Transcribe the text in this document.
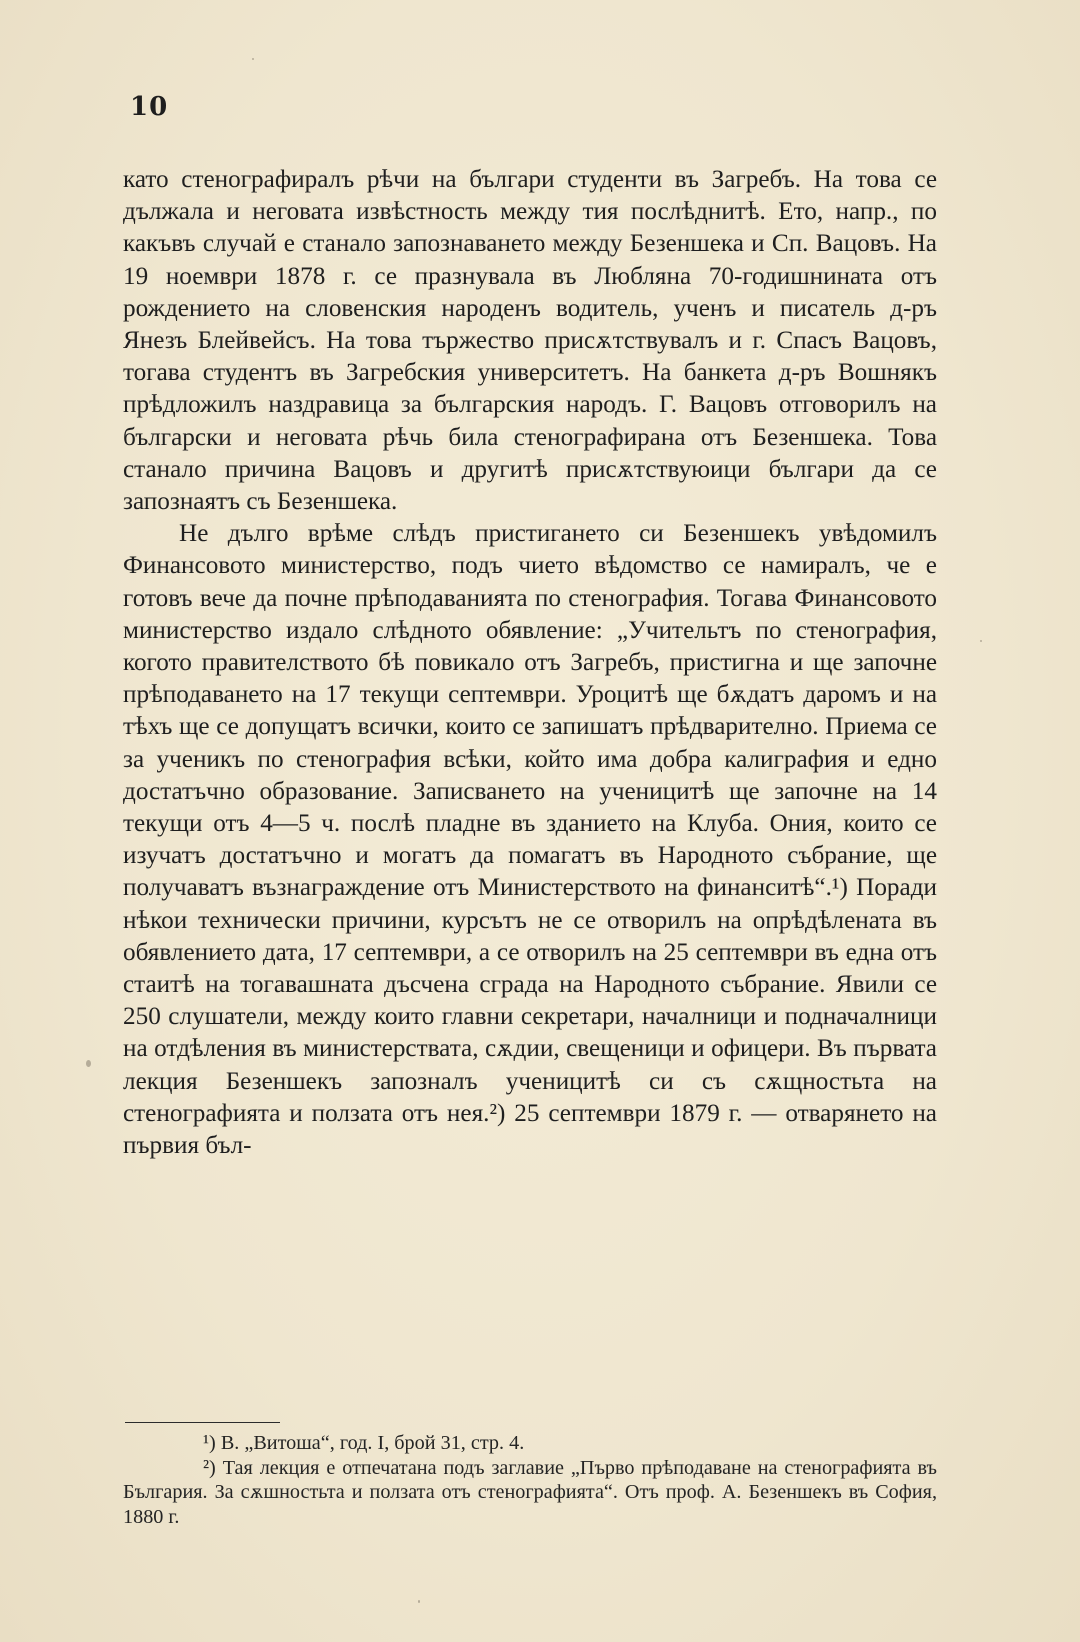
10

като стенографиралъ рѣчи на българи студенти въ Загребъ. На това се дължала и неговата извѣстность между тия послѣднитѣ. Ето, напр., по какъвъ случай е станало запознаването между Безеншека и Сп. Вацовъ. На 19 ноември 1878 г. се празнувала въ Любляна 70-годишнината отъ рождението на словенския народенъ водитель, ученъ и писатель д-ръ Янезъ Блейвейсъ. На това тържество присѫтствувалъ и г. Спасъ Вацовъ, тогава студентъ въ Загребския университетъ. На банкета д-ръ Вошнякъ прѣдложилъ наздравица за българския народъ. Г. Вацовъ отговорилъ на български и неговата рѣчь била стенографирана отъ Безеншека. Това станало причина Вацовъ и другитѣ присѫтствуюици българи да се запознаятъ съ Безеншека.

Не дълго врѣме слѣдъ пристигането си Безеншекъ увѣдомилъ Финансовото министерство, подъ чието вѣдомство се намиралъ, че е готовъ вече да почне прѣподаванията по стенография. Тогава Финансовото министерство издало слѣдното обявление: „Учительтъ по стенография, когото правителството бѣ повикало отъ Загребъ, пристигна и ще започне прѣподаването на 17 текущи септември. Уроцитѣ ще бѫдатъ даромъ и на тѣхъ ще се допущатъ всички, които се запишатъ прѣдварително. Приема се за ученикъ по стенография всѣки, който има добра калиграфия и едно достатъчно образование. Записването на ученицитѣ ще започне на 14 текущи отъ 4—5 ч. послѣ пладне въ зданието на Клуба. Ония, които се изучатъ достатъчно и могатъ да помагатъ въ Народното събрание, ще получаватъ възнаграждение отъ Министерството на финанситѣ“.¹) Поради нѣкои технически причини, курсътъ не се отворилъ на опрѣдѣлената въ обявлението дата, 17 септември, а се отворилъ на 25 септември въ една отъ стаитѣ на тогавашната дъсчена сграда на Народното събрание. Явили се 250 слушатели, между които главни секретари, началници и подначалници на отдѣления въ министерствата, сѫдии, свещеници и офицери. Въ първата лекция Безеншекъ запозналъ ученицитѣ си съ сѫщностьта на стенографията и ползата отъ нея.²) 25 септември 1879 г. — отварянето на първия бъл-

¹) В. „Витоша“, год. I, брой 31, стр. 4.

²) Тая лекция е отпечатана подъ заглавие „Първо прѣподаване на стенографията въ България. За сѫшностьта и ползата отъ стенографията“. Отъ проф. А. Безеншекъ въ София, 1880 г.
